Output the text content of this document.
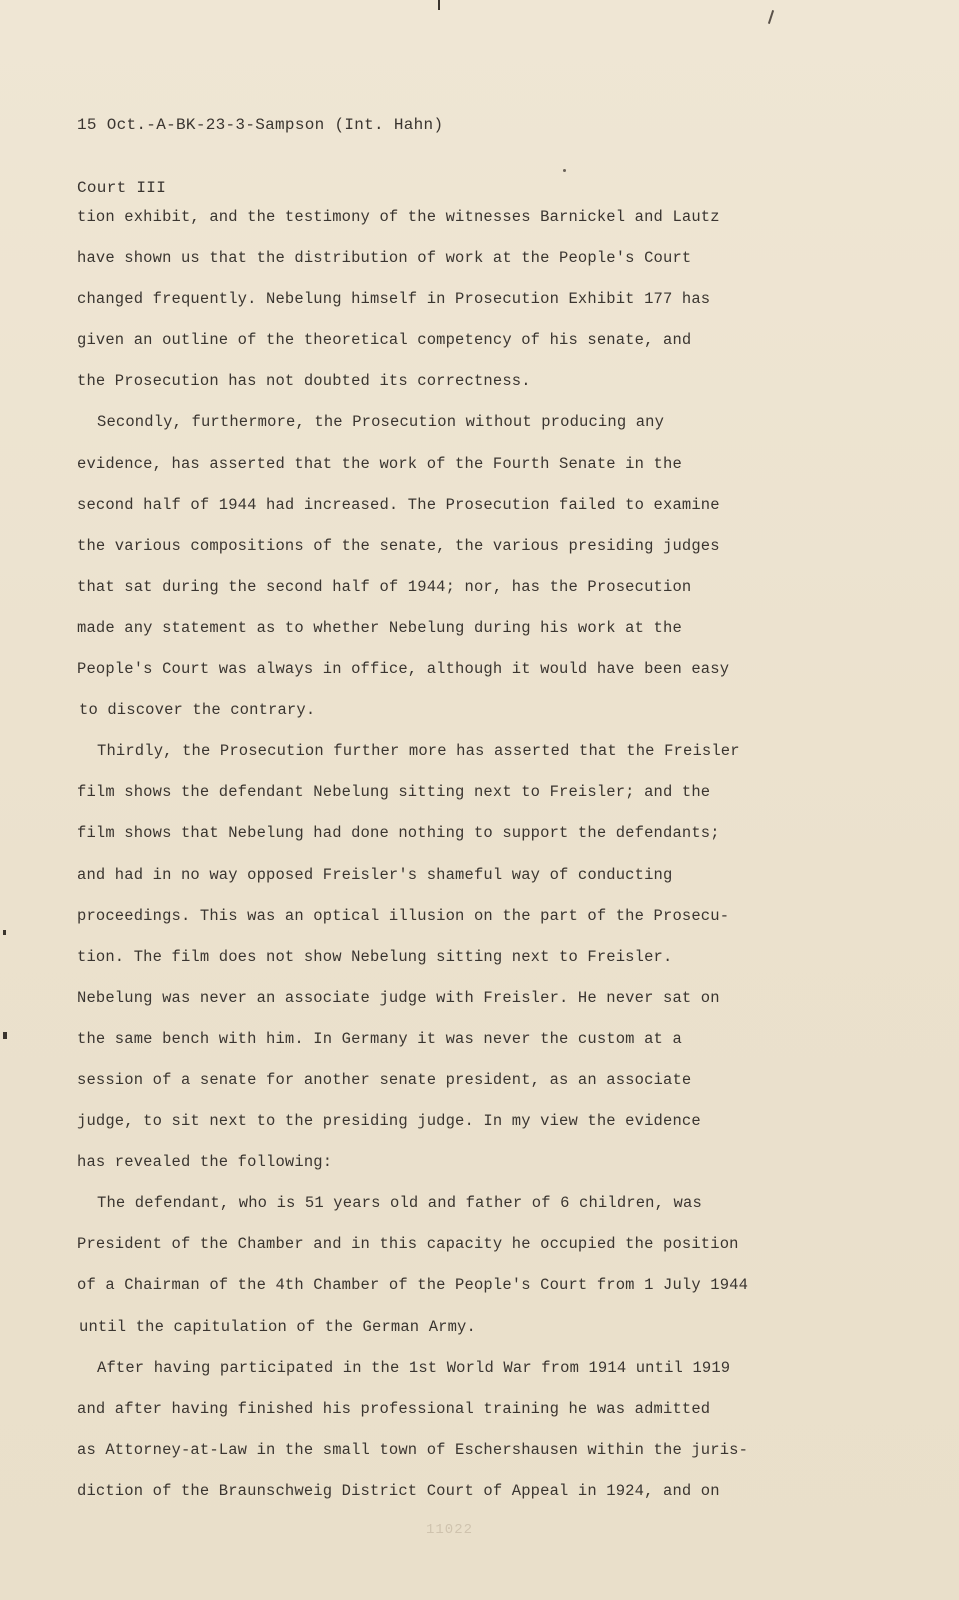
15 Oct.-A-BK-23-3-Sampson (Int. Hahn)

Court III

tion exhibit, and the testimony of the witnesses Barnickel and Lautz
have shown us that the distribution of work at the People's Court
changed frequently. Nebelung himself in Prosecution Exhibit 177 has
given an outline of the theoretical competency of his senate, and
the Prosecution has not doubted its correctness.
Secondly, furthermore, the Prosecution without producing any
evidence, has asserted that the work of the Fourth Senate in the
second half of 1944 had increased. The Prosecution failed to examine
the various compositions of the senate, the various presiding judges
that sat during the second half of 1944; nor, has the Prosecution
made any statement as to whether Nebelung during his work at the
People's Court was always in office, although it would have been easy
to discover the contrary.
Thirdly, the Prosecution further more has asserted that the Freisler
film shows the defendant Nebelung sitting next to Freisler; and the
film shows that Nebelung had done nothing to support the defendants;
and had in no way opposed Freisler's shameful way of conducting
proceedings. This was an optical illusion on the part of the Prosecu-
tion. The film does not show Nebelung sitting next to Freisler.
Nebelung was never an associate judge with Freisler. He never sat on
the same bench with him. In Germany it was never the custom at a
session of a senate for another senate president, as an associate
judge, to sit next to the presiding judge. In my view the evidence
has revealed the following:
The defendant, who is 51 years old and father of 6 children, was
President of the Chamber and in this capacity he occupied the position
of a Chairman of the 4th Chamber of the People's Court from 1 July 1944
until the capitulation of the German Army.
After having participated in the 1st World War from 1914 until 1919
and after having finished his professional training he was admitted
as Attorney-at-Law in the small town of Eschershausen within the juris-
diction of the Braunschweig District Court of Appeal in 1924, and on
11022
